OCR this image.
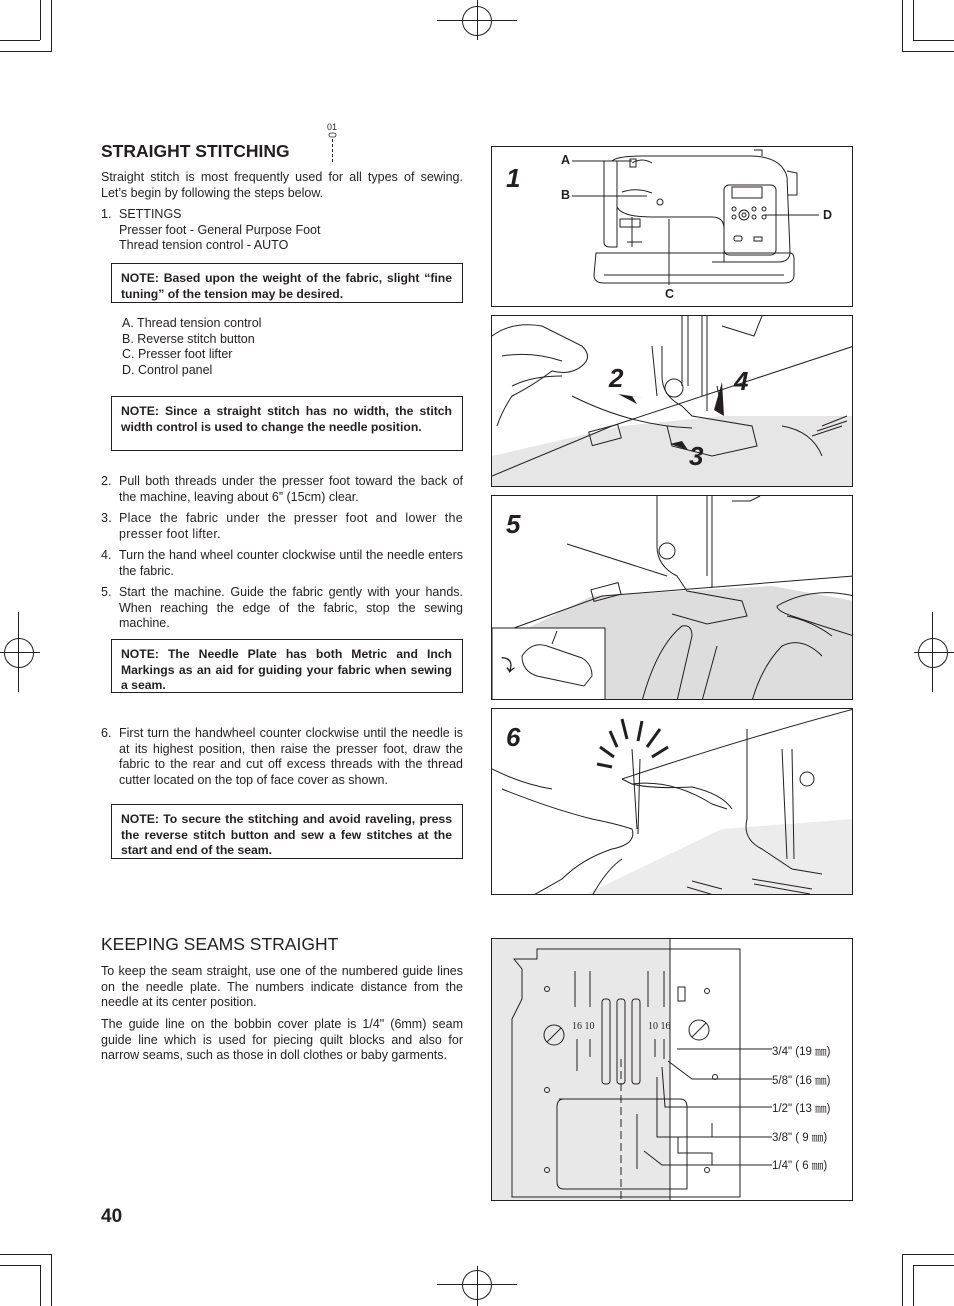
STRAIGHT STITCHING
01

Straight stitch is most frequently used for all types of sewing. Let’s begin by following the steps below.

1. SETTINGS
Presser foot - General Purpose Foot
Thread tension control - AUTO
NOTE: Based upon the weight of the fabric, slight “fine tuning” of the tension may be desired.
A. Thread tension control
B. Reverse stitch button
C. Presser foot lifter
D. Control panel
NOTE: Since a straight stitch has no width, the stitch width control is used to change the needle position.
2. Pull both threads under the presser foot toward the back of the machine, leaving about 6” (15cm) clear.
3. Place the fabric under the presser foot and lower the presser foot lifter.
4. Turn the hand wheel counter clockwise until the needle enters the fabric.
5. Start the machine. Guide the fabric gently with your hands. When reaching the edge of the fabric, stop the sewing machine.
NOTE: The Needle Plate has both Metric and Inch Markings as an aid for guiding your fabric when sewing a seam.
6. First turn the handwheel counter clockwise until the needle is at its highest position, then raise the presser foot, draw the fabric to the rear and cut off excess threads with the thread cutter located on the top of face cover as shown.
NOTE: To secure the stitching and avoid raveling, press the reverse stitch button and sew a few stitches at the start and end of the seam.
KEEPING SEAMS STRAIGHT

To keep the seam straight, use one of the numbered guide lines on the needle plate. The numbers indicate distance from the needle at its center position.

The guide line on the bobbin cover plate is 1/4" (6mm) seam guide line which is used for piecing quilt blocks and also for narrow seams, such as those in doll clothes or baby garments.

40
1
A
B
C
D
2
3
4
⤵
5
6
16 10	10 16
3/4" (19 ㎜)
5/8" (16 ㎜)
1/2" (13 ㎜)
3/8" ( 9 ㎜)
1/4" ( 6 ㎜)
